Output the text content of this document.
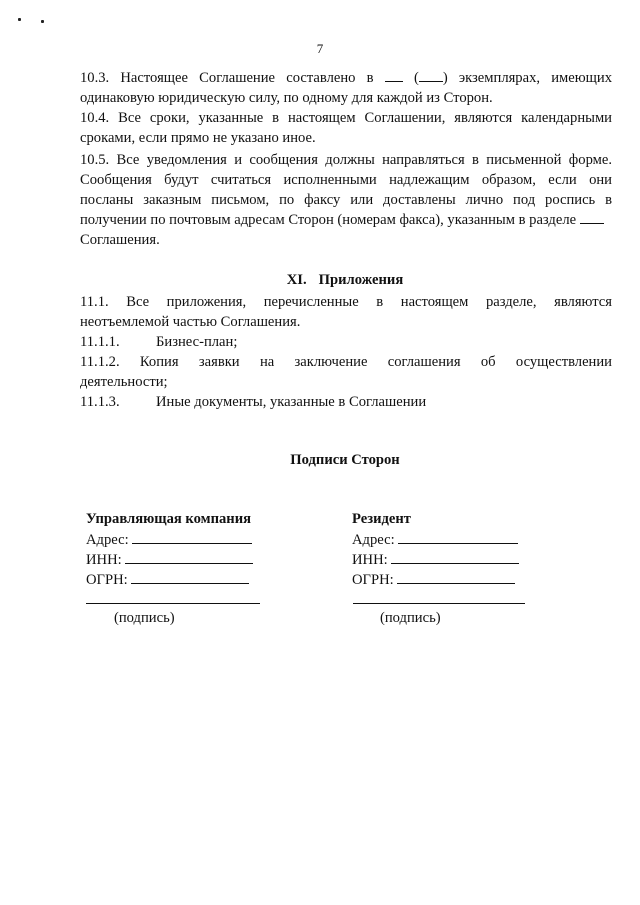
7
10.3. Настоящее Соглашение составлено в	( ) экземплярах, имеющих
одинаковую юридическую силу, по одному для каждой из Сторон.
10.4. Все сроки, указанные в настоящем Соглашении, являются календарными
сроками, если прямо не указано иное.
10.5. Все уведомления и сообщения должны направляться в письменной форме.
Сообщения будут считаться исполненными надлежащим образом, если они
посланы заказным письмом, по факсу или доставлены лично под роспись в
получении по почтовым адресам Сторон (номерам факса), указанным в разделе
Соглашения.
XI. Приложения
11.1. Все приложения, перечисленные в настоящем разделе, являются
неотъемлемой частью Соглашения.
11.1.1. Бизнес-план;
11.1.2. Копия заявки на заключение соглашения об осуществлении
деятельности;
11.1.3. Иные документы, указанные в Соглашении
Подписи Сторон
Управляющая компания
Адрес:
ИНН:
ОГРН:
(подпись)
Резидент
Адрес:
ИНН:
ОГРН:
(подпись)
